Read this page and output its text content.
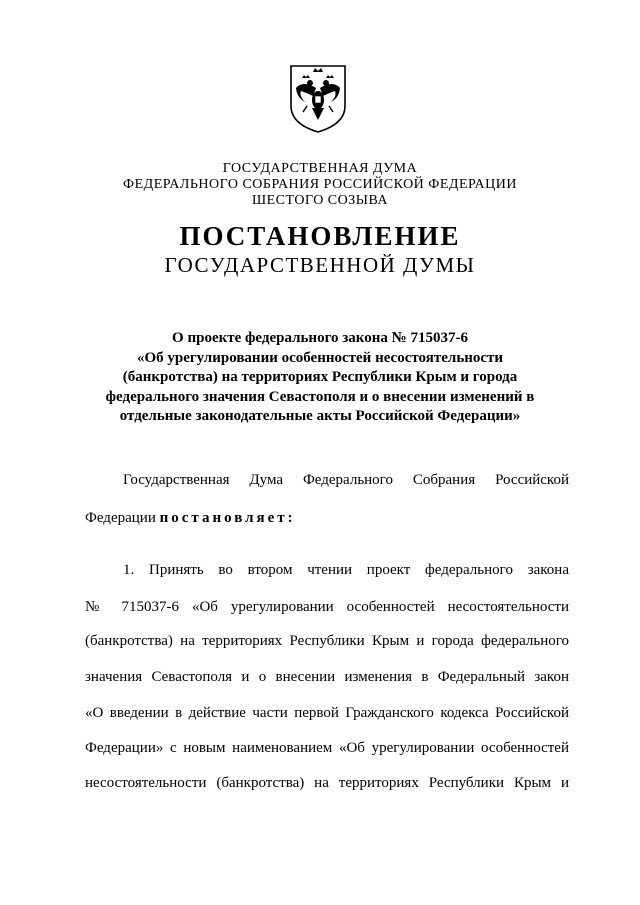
ГОСУДАРСТВЕННАЯ ДУМА
ФЕДЕРАЛЬНОГО СОБРАНИЯ РОССИЙСКОЙ ФЕДЕРАЦИИ
ШЕСТОГО СОЗЫВА
ПОСТАНОВЛЕНИЕ
ГОСУДАРСТВЕННОЙ ДУМЫ
О проекте федерального закона № 715037-6
«Об урегулировании особенностей несостоятельности
(банкротства) на территориях Республики Крым и города
федерального значения Севастополя и о внесении изменений в
отдельные законодательные акты Российской Федерации»
Государственная Дума Федерального Собрания Российской
Федерации постановляет:
1. Принять во втором чтении проект федерального закона
№ 715037-6 «Об урегулировании особенностей несостоятельности
(банкротства) на территориях Республики Крым и города федерального
значения Севастополя и о внесении изменения в Федеральный закон
«О введении в действие части первой Гражданского кодекса Российской
Федерации» с новым наименованием «Об урегулировании особенностей
несостоятельности (банкротства) на территориях Республики Крым и
